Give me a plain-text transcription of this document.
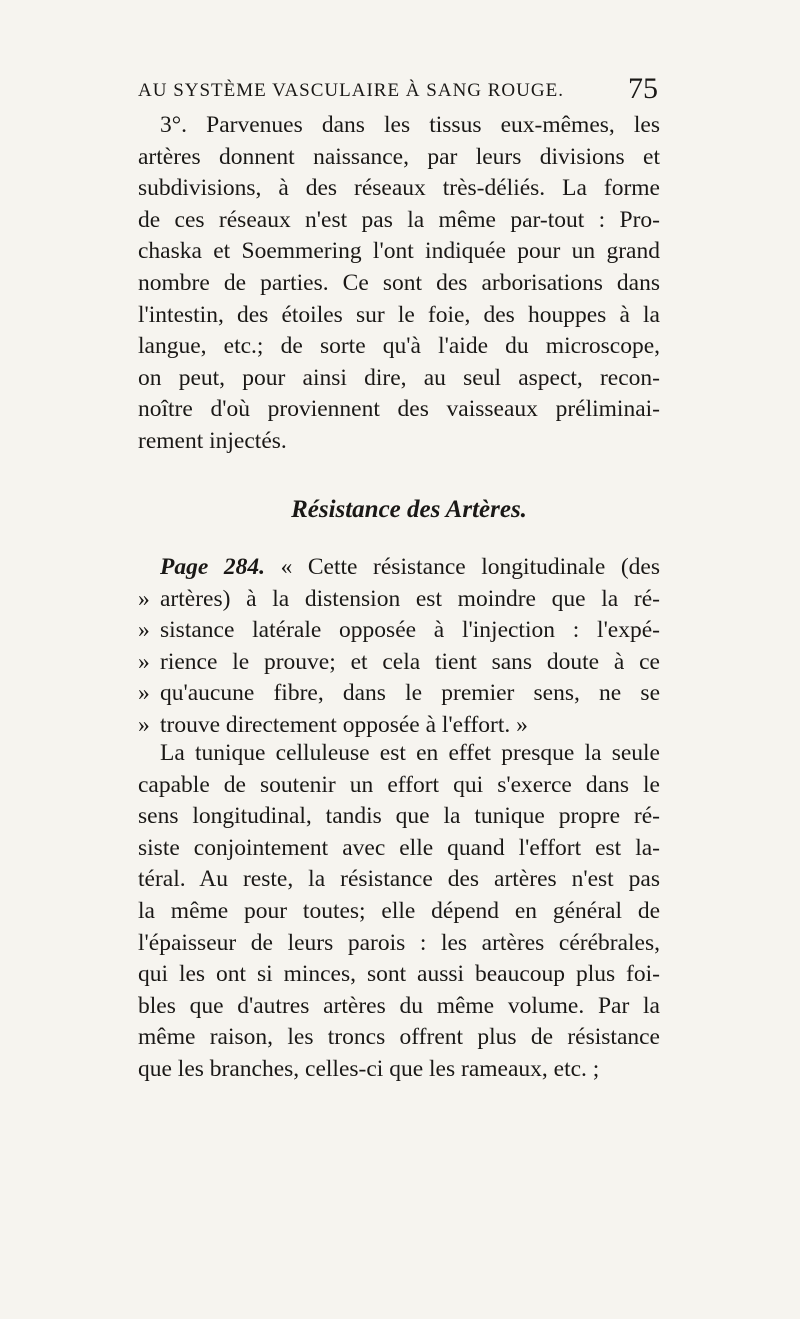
AU SYSTÈME VASCULAIRE À SANG ROUGE. 75
3°. Parvenues dans les tissus eux-mêmes, les
artères donnent naissance, par leurs divisions et
subdivisions, à des réseaux très-déliés. La forme
de ces réseaux n'est pas la même par-tout : Pro-
chaska et Soemmering l'ont indiquée pour un grand
nombre de parties. Ce sont des arborisations dans
l'intestin, des étoiles sur le foie, des houppes à la
langue, etc.; de sorte qu'à l'aide du microscope,
on peut, pour ainsi dire, au seul aspect, recon-
noître d'où proviennent des vaisseaux préliminai-
rement injectés.
Résistance des Artères.
Page 284. « Cette résistance longitudinale (des
» artères) à la distension est moindre que la ré-
» sistance latérale opposée à l'injection : l'expé-
» rience le prouve; et cela tient sans doute à ce
» qu'aucune fibre, dans le premier sens, ne se
» trouve directement opposée à l'effort. »
La tunique celluleuse est en effet presque la seule
capable de soutenir un effort qui s'exerce dans le
sens longitudinal, tandis que la tunique propre ré-
siste conjointement avec elle quand l'effort est la-
téral. Au reste, la résistance des artères n'est pas
la même pour toutes; elle dépend en général de
l'épaisseur de leurs parois : les artères cérébrales,
qui les ont si minces, sont aussi beaucoup plus foi-
bles que d'autres artères du même volume. Par la
même raison, les troncs offrent plus de résistance
que les branches, celles-ci que les rameaux, etc. ;
